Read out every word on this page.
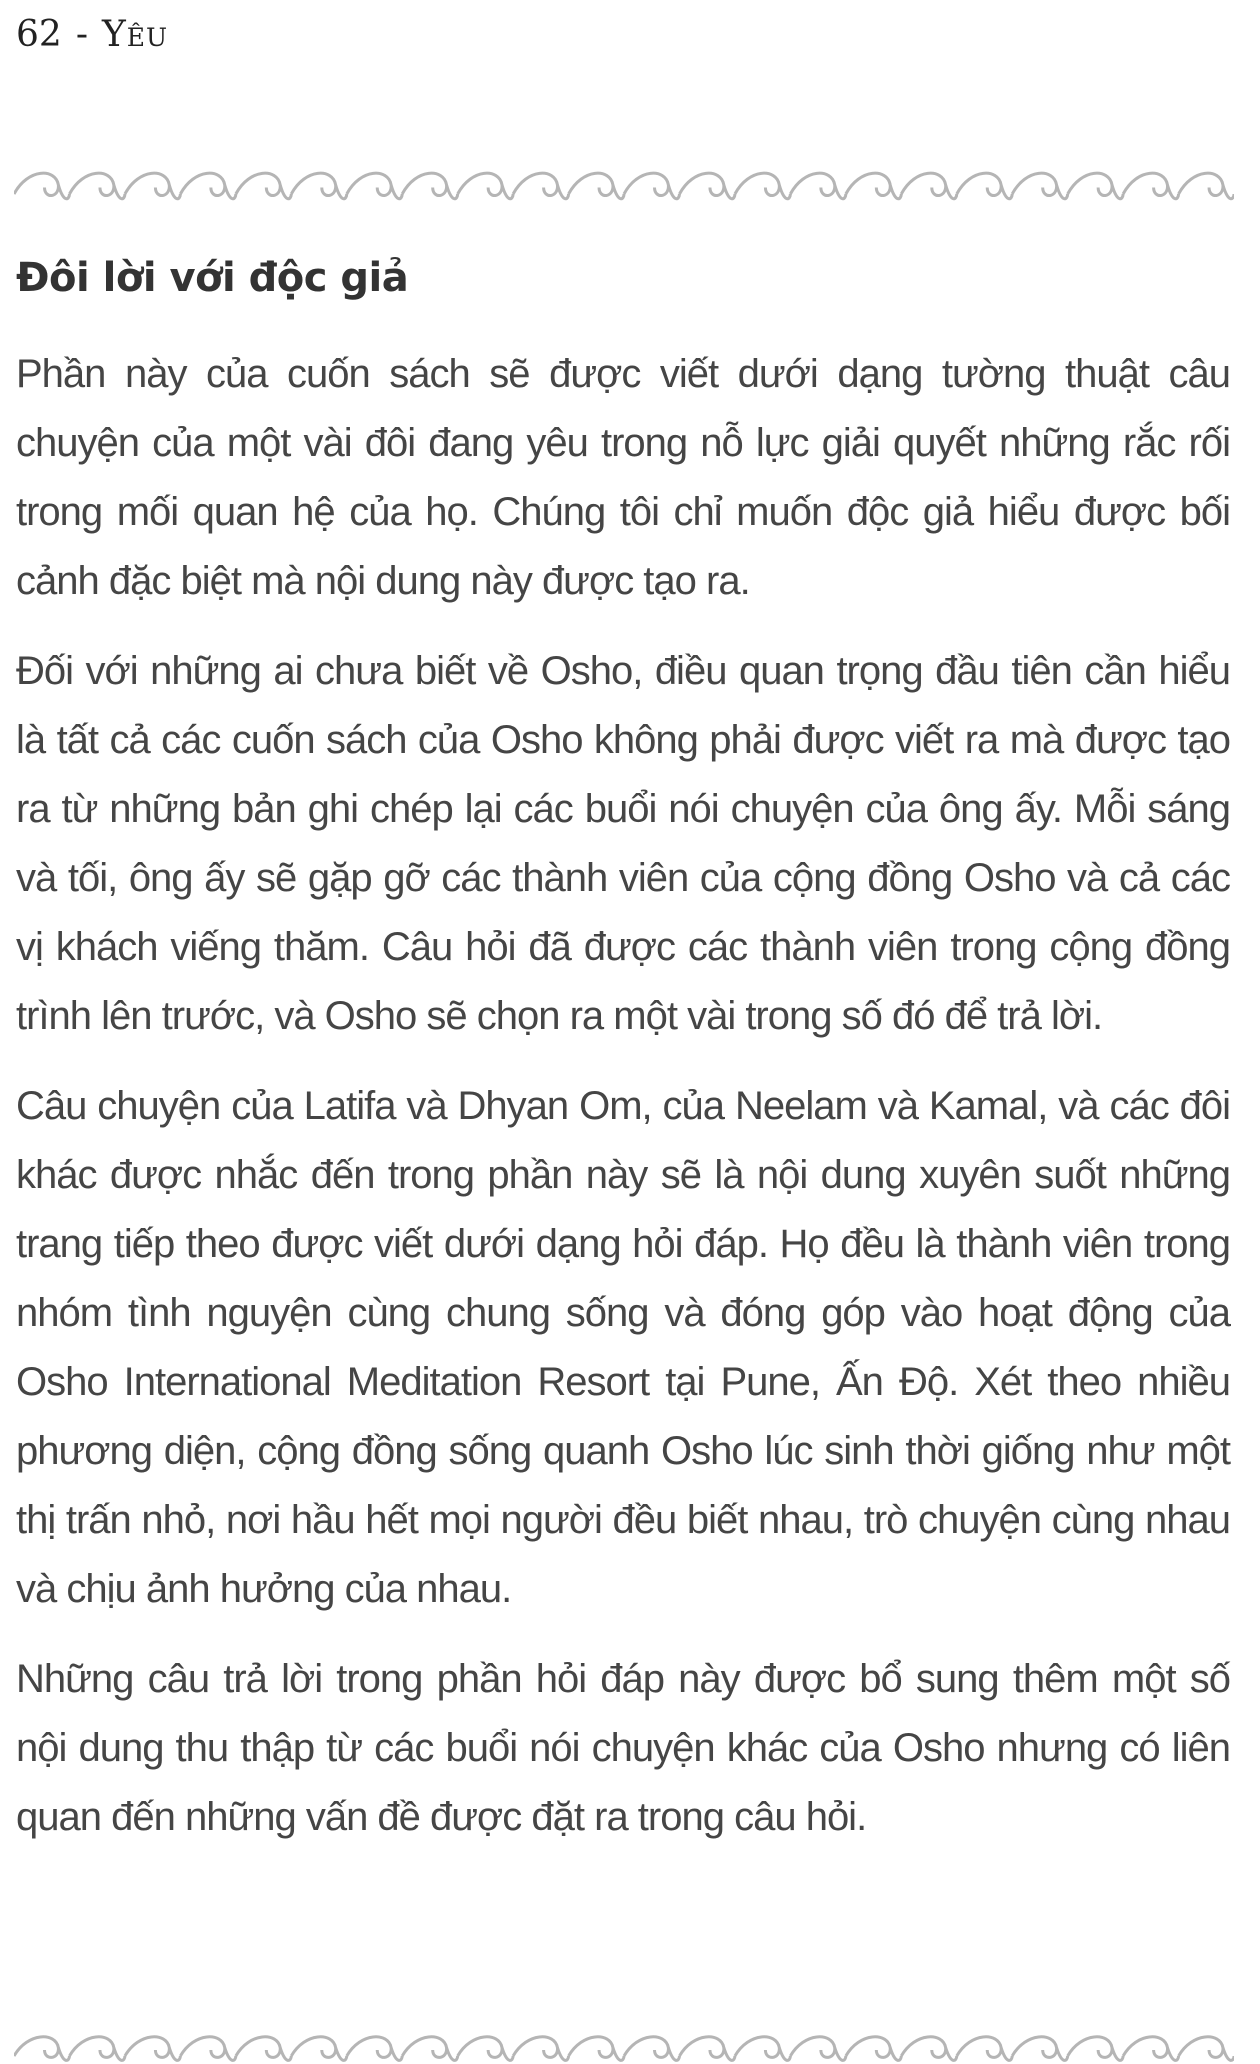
62 - Yêu
Đôi lời với độc giả

Phần này của cuốn sách sẽ được viết dưới dạng tường thuật câu chuyện của một vài đôi đang yêu trong nỗ lực giải quyết những rắc rối trong mối quan hệ của họ. Chúng tôi chỉ muốn độc giả hiểu được bối cảnh đặc biệt mà nội dung này được tạo ra.

Đối với những ai chưa biết về Osho, điều quan trọng đầu tiên cần hiểu là tất cả các cuốn sách của Osho không phải được viết ra mà được tạo ra từ những bản ghi chép lại các buổi nói chuyện của ông ấy. Mỗi sáng và tối, ông ấy sẽ gặp gỡ các thành viên của cộng đồng Osho và cả các vị khách viếng thăm. Câu hỏi đã được các thành viên trong cộng đồng trình lên trước, và Osho sẽ chọn ra một vài trong số đó để trả lời.

Câu chuyện của Latifa và Dhyan Om, của Neelam và Kamal, và các đôi khác được nhắc đến trong phần này sẽ là nội dung xuyên suốt những trang tiếp theo được viết dưới dạng hỏi đáp. Họ đều là thành viên trong nhóm tình nguyện cùng chung sống và đóng góp vào hoạt động của Osho International Meditation Resort tại Pune, Ấn Độ. Xét theo nhiều phương diện, cộng đồng sống quanh Osho lúc sinh thời giống như một thị trấn nhỏ, nơi hầu hết mọi người đều biết nhau, trò chuyện cùng nhau và chịu ảnh hưởng của nhau.

Những câu trả lời trong phần hỏi đáp này được bổ sung thêm một số nội dung thu thập từ các buổi nói chuyện khác của Osho nhưng có liên quan đến những vấn đề được đặt ra trong câu hỏi.
